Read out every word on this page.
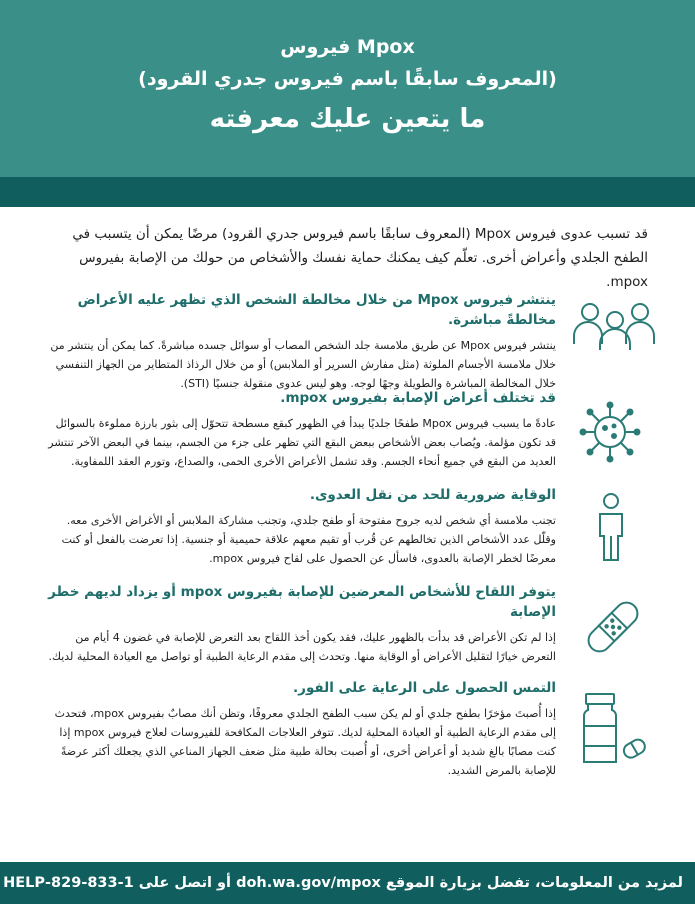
فيروس Mpox
(المعروف سابقًا باسم فيروس جدري القرود)
ما يتعين عليك معرفته
قد تسبب عدوى فيروس Mpox (المعروف سابقًا باسم فيروس جدري القرود) مرضًا يمكن أن يتسبب في الطفح الجلدي وأعراض أخرى. تعلّم كيف يمكنك حماية نفسك والأشخاص من حولك من الإصابة بفيروس mpox.
ينتشر فيروس Mpox من خلال مخالطة الشخص الذي تظهر عليه الأعراض مخالطةً مباشرة.
ينتشر فيروس Mpox عن طريق ملامسة جلد الشخص المصاب أو سوائل جسده مباشرةً. كما يمكن أن ينتشر من خلال ملامسة الأجسام الملوثة (مثل مفارش السرير أو الملابس) أو من خلال الرذاذ المتطاير من الجهاز التنفسي خلال المخالطة المباشرة والطويلة وجهًا لوجه. وهو ليس عدوى منقولة جنسيًا (STI).
قد تختلف أعراض الإصابة بفيروس mpox.
عادةً ما يسبب فيروس Mpox طفحًا جلديًا يبدأ في الظهور كبقع مسطحة تتحوّل إلى بثور بارزة مملوءة بالسوائل قد تكون مؤلمة. ويُصاب بعض الأشخاص ببعض البقع التي تظهر على جزء من الجسم، بينما في البعض الآخر تنتشر العديد من البقع في جميع أنحاء الجسم. وقد تشمل الأعراض الأخرى الحمى، والصداع، وتورم العقد اللمفاوية.
الوقاية ضرورية للحد من نقل العدوى.
تجنب ملامسة أي شخص لديه جروح مفتوحة أو طفح جلدي، وتجنب مشاركة الملابس أو الأغراض الأخرى معه. وقلّل عدد الأشخاص الذين تخالطهم عن قُرب أو تقيم معهم علاقة حميمية أو جنسية. إذا تعرضت بالفعل أو كنت معرضًا لخطر الإصابة بالعدوى، فاسأل عن الحصول على لقاح فيروس mpox.
يتوفر اللقاح للأشخاص المعرضين للإصابة بفيروس mpox أو يزداد لديهم خطر الإصابة
إذا لم تكن الأعراض قد بدأت بالظهور عليك، فقد يكون أخذ اللقاح بعد التعرض للإصابة في غضون 4 أيام من التعرض خيارًا لتقليل الأعراض أو الوقاية منها. وتحدث إلى مقدم الرعاية الطبية أو تواصل مع العيادة المحلية لديك.
التمس الحصول على الرعاية على الفور.
إذا أُصبتَ مؤخرًا بطفح جلدي أو لم يكن سبب الطفح الجلدي معروفًا، وتظن أنك مصابٌ بفيروس mpox، فتحدث إلى مقدم الرعاية الطبية أو العيادة المحلية لديك. تتوفر العلاجات المكافحة للفيروسات لعلاج فيروس mpox إذا كنت مصابًا بالغ شديد أو أعراض أخرى، أو أُصبت بحالة طبية مثل ضعف الجهاز المناعي الذي يجعلك أكثر عرضةً للإصابة بالمرض الشديد.
لمزيد من المعلومات، تفضل بزيارة الموقع doh.wa.gov/mpox أو اتصل على 1-833-829-HELP
